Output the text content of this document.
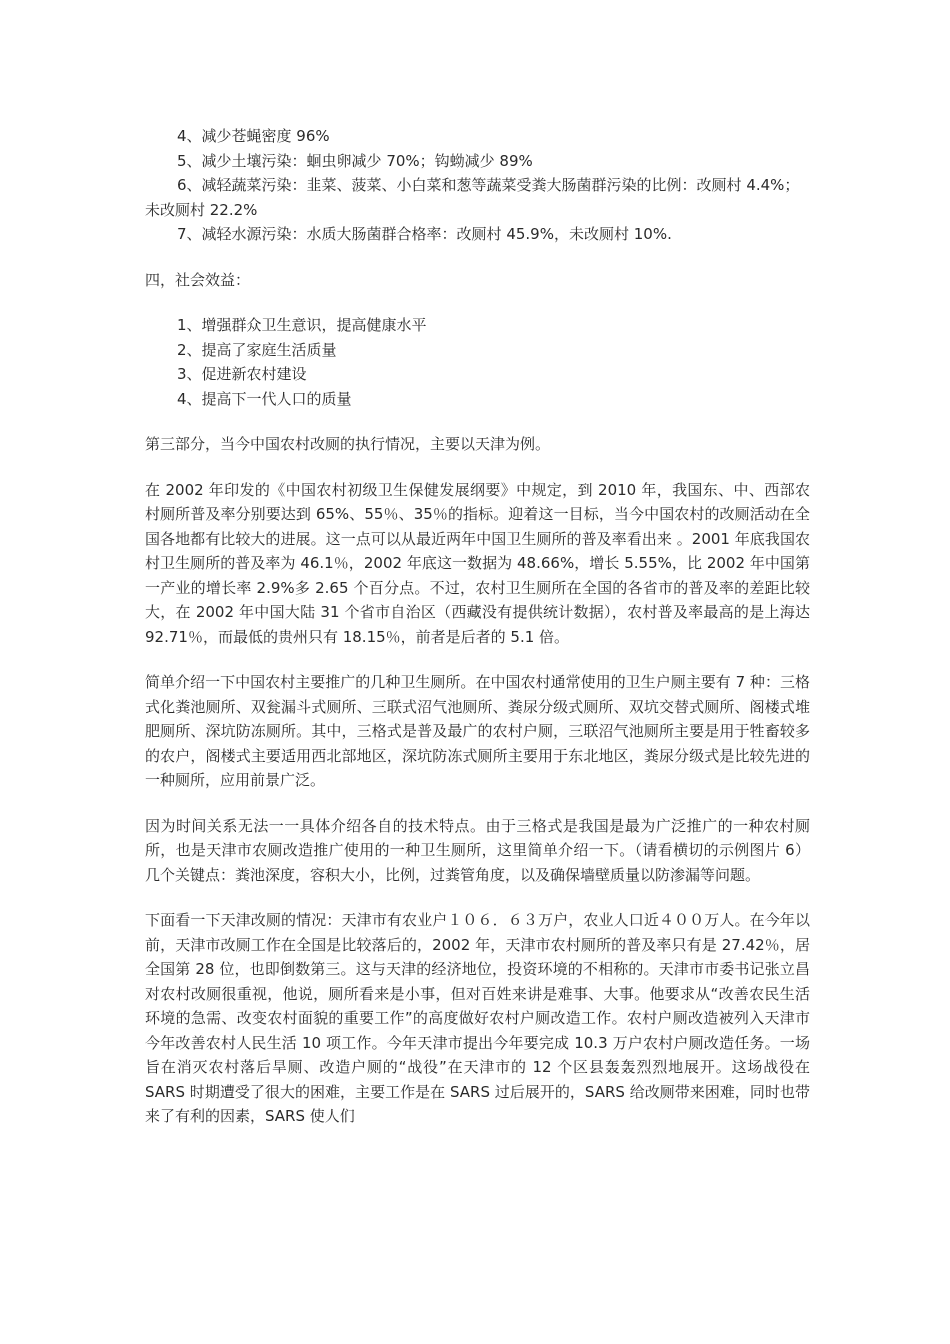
4、减少苍蝇密度 96%

5、减少土壤污染：蛔虫卵减少 70%；钩蚴减少 89%

6、减轻蔬菜污染：韭菜、菠菜、小白菜和葱等蔬菜受粪大肠菌群污染的比例：改厕村 4.4%；未改厕村 22.2%

7、减轻水源污染：水质大肠菌群合格率：改厕村 45.9%，未改厕村 10%.

四，社会效益：

1、增强群众卫生意识，提高健康水平

2、提高了家庭生活质量

3、促进新农村建设

4、提高下一代人口的质量

第三部分，当今中国农村改厕的执行情况，主要以天津为例。

在 2002 年印发的《中国农村初级卫生保健发展纲要》中规定，到 2010 年，我国东、中、西部农村厕所普及率分别要达到 65%、55％、35％的指标。迎着这一目标，当今中国农村的改厕活动在全国各地都有比较大的进展。这一点可以从最近两年中国卫生厕所的普及率看出来 。2001 年底我国农村卫生厕所的普及率为 46.1％，2002 年底这一数据为 48.66%，增长 5.55%，比 2002 年中国第一产业的增长率 2.9%多 2.65 个百分点。不过，农村卫生厕所在全国的各省市的普及率的差距比较大，在 2002 年中国大陆 31 个省市自治区（西藏没有提供统计数据），农村普及率最高的是上海达 92.71％，而最低的贵州只有 18.15％，前者是后者的 5.1 倍。

简单介绍一下中国农村主要推广的几种卫生厕所。在中国农村通常使用的卫生户厕主要有 7 种：三格式化粪池厕所、双瓮漏斗式厕所、三联式沼气池厕所、粪尿分级式厕所、双坑交替式厕所、阁楼式堆肥厕所、深坑防冻厕所。其中，三格式是普及最广的农村户厕，三联沼气池厕所主要是用于牲畜较多的农户，阁楼式主要适用西北部地区，深坑防冻式厕所主要用于东北地区，粪尿分级式是比较先进的一种厕所，应用前景广泛。

因为时间关系无法一一具体介绍各自的技术特点。由于三格式是我国是最为广泛推广的一种农村厕所，也是天津市农厕改造推广使用的一种卫生厕所，这里简单介绍一下。（请看横切的示例图片 6）几个关键点：粪池深度，容积大小，比例，过粪管角度，以及确保墙壁质量以防渗漏等问题。

下面看一下天津改厕的情况：天津市有农业户１０６．６３万户，农业人口近４００万人。在今年以前，天津市改厕工作在全国是比较落后的，2002 年，天津市农村厕所的普及率只有是 27.42％，居全国第 28 位，也即倒数第三。这与天津的经济地位，投资环境的不相称的。天津市市委书记张立昌对农村改厕很重视，他说，厕所看来是小事，但对百姓来讲是难事、大事。他要求从“改善农民生活环境的急需、改变农村面貌的重要工作”的高度做好农村户厕改造工作。农村户厕改造被列入天津市今年改善农村人民生活 10 项工作。今年天津市提出今年要完成 10.3 万户农村户厕改造任务。一场旨在消灭农村落后旱厕、改造户厕的“战役”在天津市的 12 个区县轰轰烈烈地展开。这场战役在 SARS 时期遭受了很大的困难，主要工作是在 SARS 过后展开的，SARS 给改厕带来困难，同时也带来了有利的因素，SARS 使人们
